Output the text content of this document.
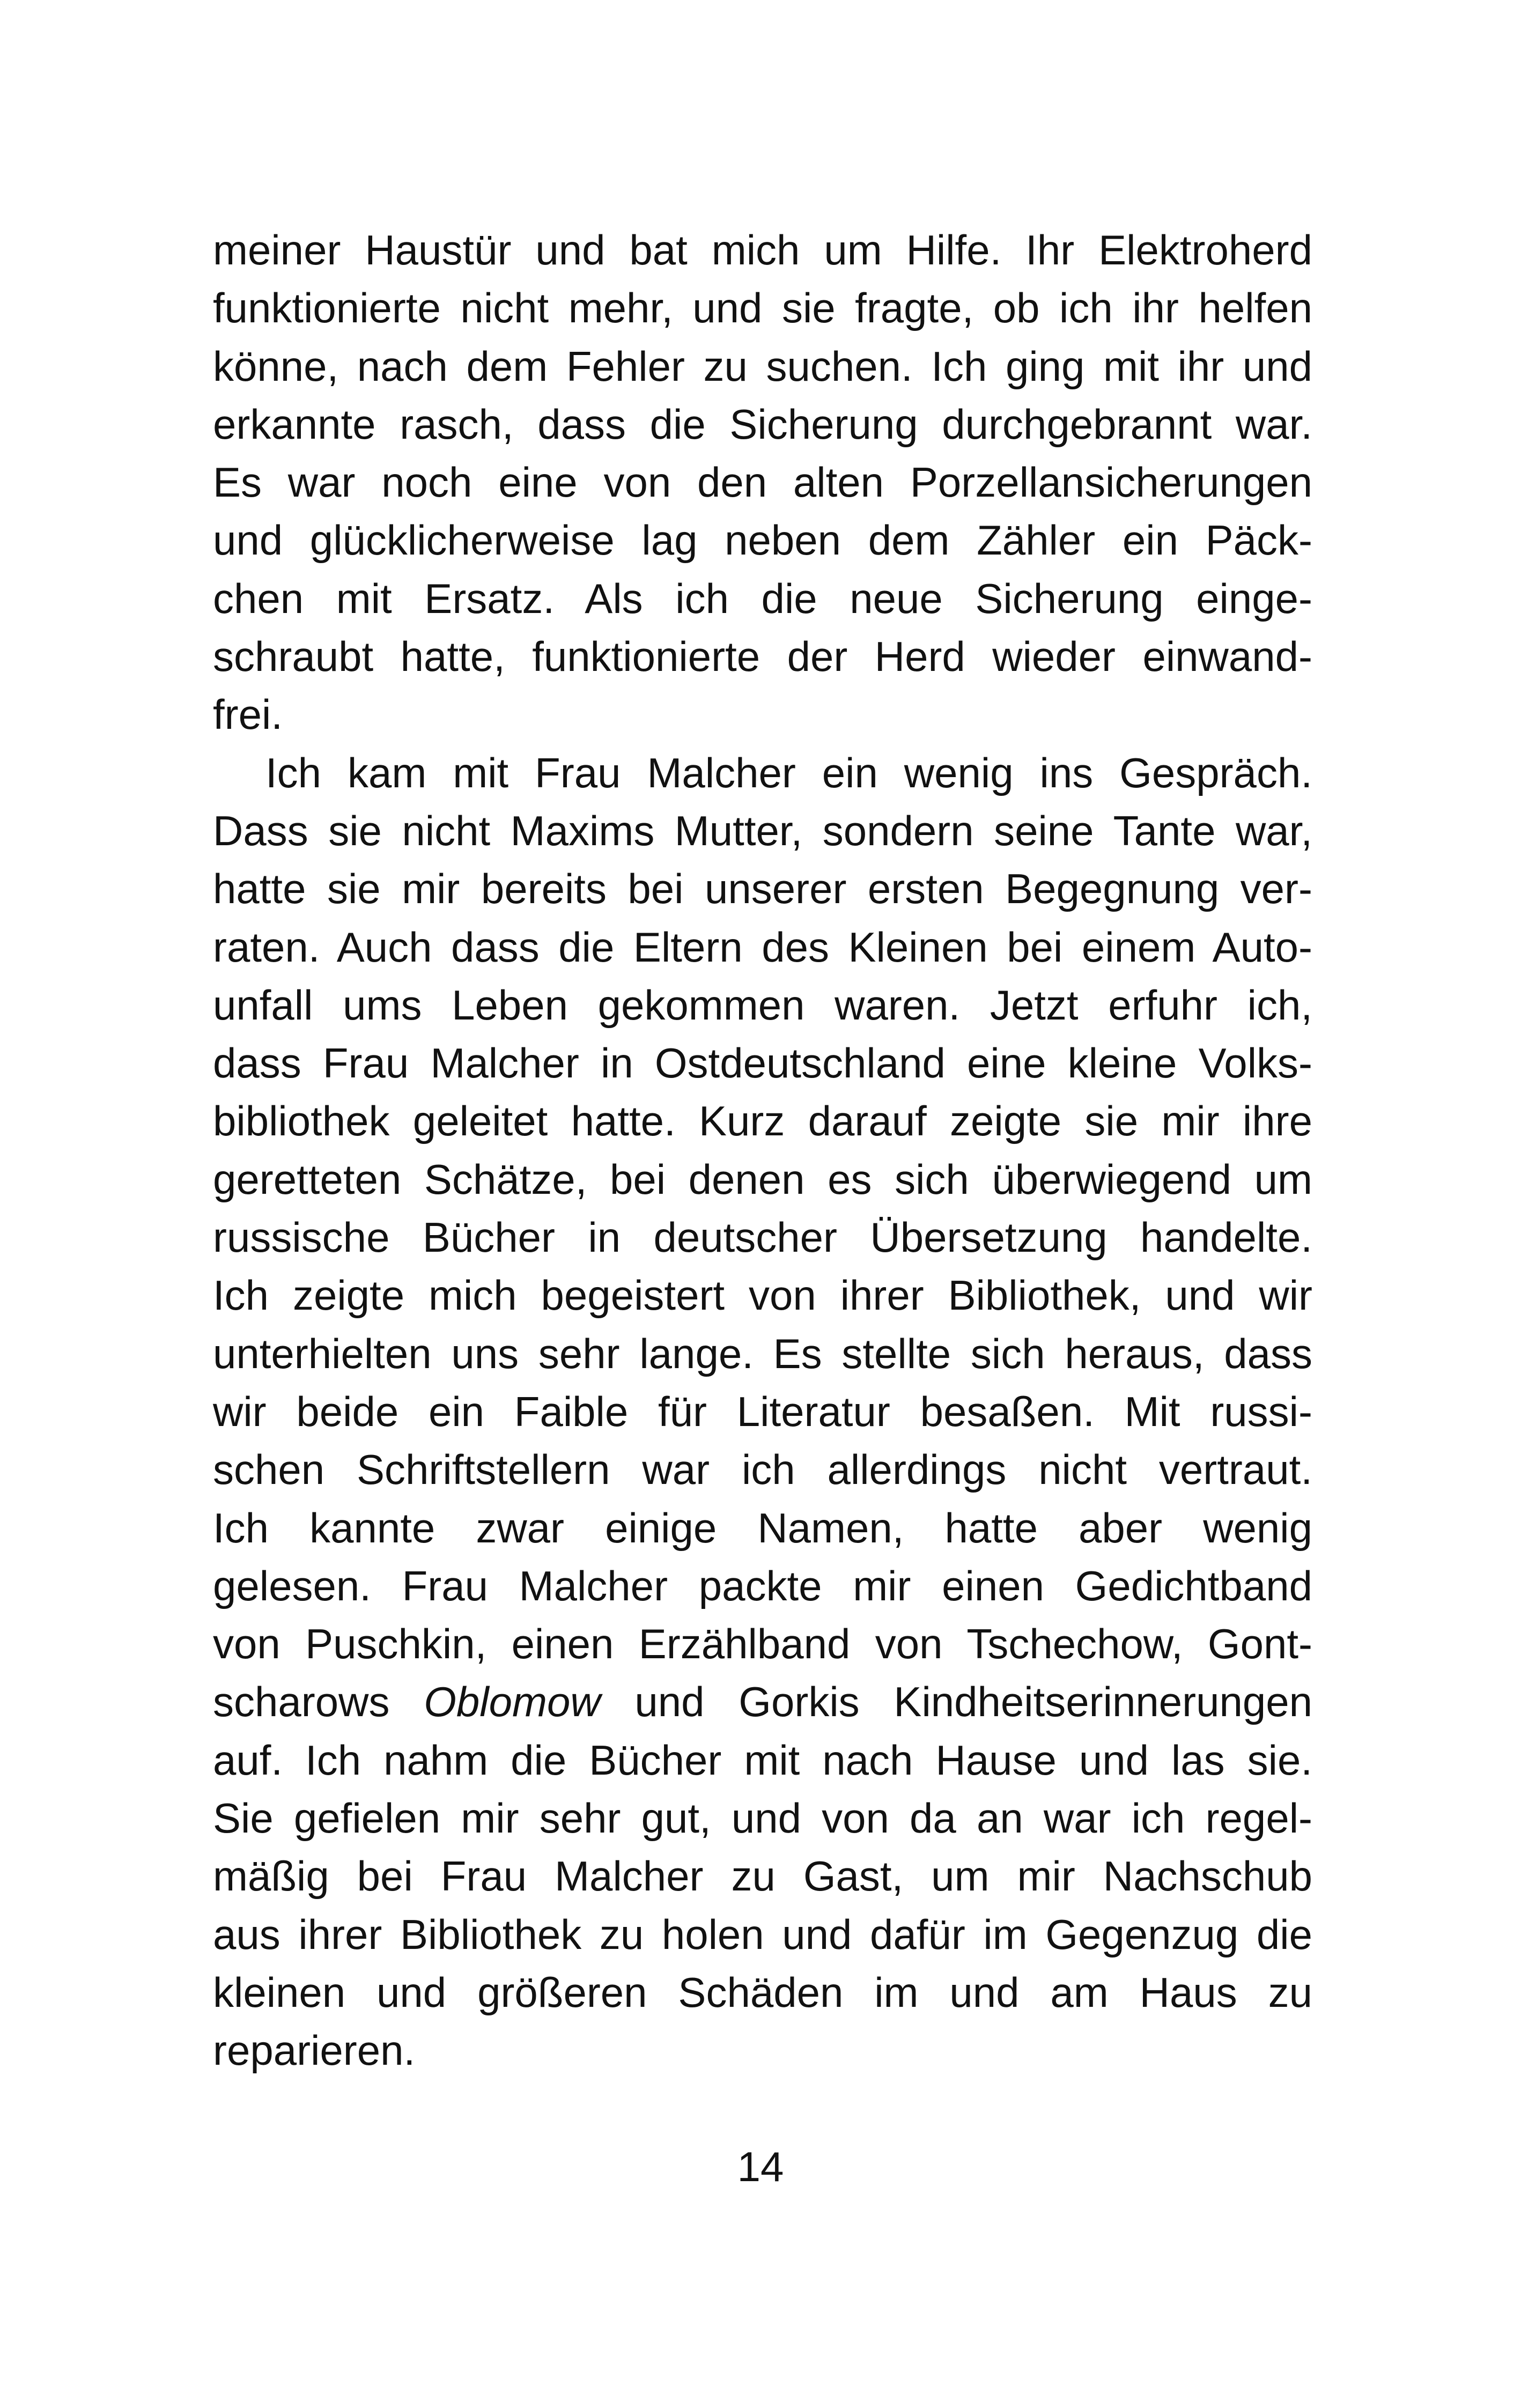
meiner Haustür und bat mich um Hilfe. Ihr Elektroherd
funktionierte nicht mehr, und sie fragte, ob ich ihr helfen
könne, nach dem Fehler zu suchen. Ich ging mit ihr und
erkannte rasch, dass die Sicherung durchgebrannt war.
Es war noch eine von den alten Porzellansicherungen
und glücklicherweise lag neben dem Zähler ein Päck-
chen mit Ersatz. Als ich die neue Sicherung einge-
schraubt hatte, funktionierte der Herd wieder einwand-
frei.
Ich kam mit Frau Malcher ein wenig ins Gespräch.
Dass sie nicht Maxims Mutter, sondern seine Tante war,
hatte sie mir bereits bei unserer ersten Begegnung ver-
raten. Auch dass die Eltern des Kleinen bei einem Auto-
unfall ums Leben gekommen waren. Jetzt erfuhr ich,
dass Frau Malcher in Ostdeutschland eine kleine Volks-
bibliothek geleitet hatte. Kurz darauf zeigte sie mir ihre
geretteten Schätze, bei denen es sich überwiegend um
russische Bücher in deutscher Übersetzung handelte.
Ich zeigte mich begeistert von ihrer Bibliothek, und wir
unterhielten uns sehr lange. Es stellte sich heraus, dass
wir beide ein Faible für Literatur besaßen. Mit russi-
schen Schriftstellern war ich allerdings nicht vertraut.
Ich kannte zwar einige Namen, hatte aber wenig
gelesen. Frau Malcher packte mir einen Gedichtband
von Puschkin, einen Erzählband von Tschechow, Gont-
scharows Oblomow und Gorkis Kindheitserinnerungen
auf. Ich nahm die Bücher mit nach Hause und las sie.
Sie gefielen mir sehr gut, und von da an war ich regel-
mäßig bei Frau Malcher zu Gast, um mir Nachschub
aus ihrer Bibliothek zu holen und dafür im Gegenzug die
kleinen und größeren Schäden im und am Haus zu
reparieren.
14
